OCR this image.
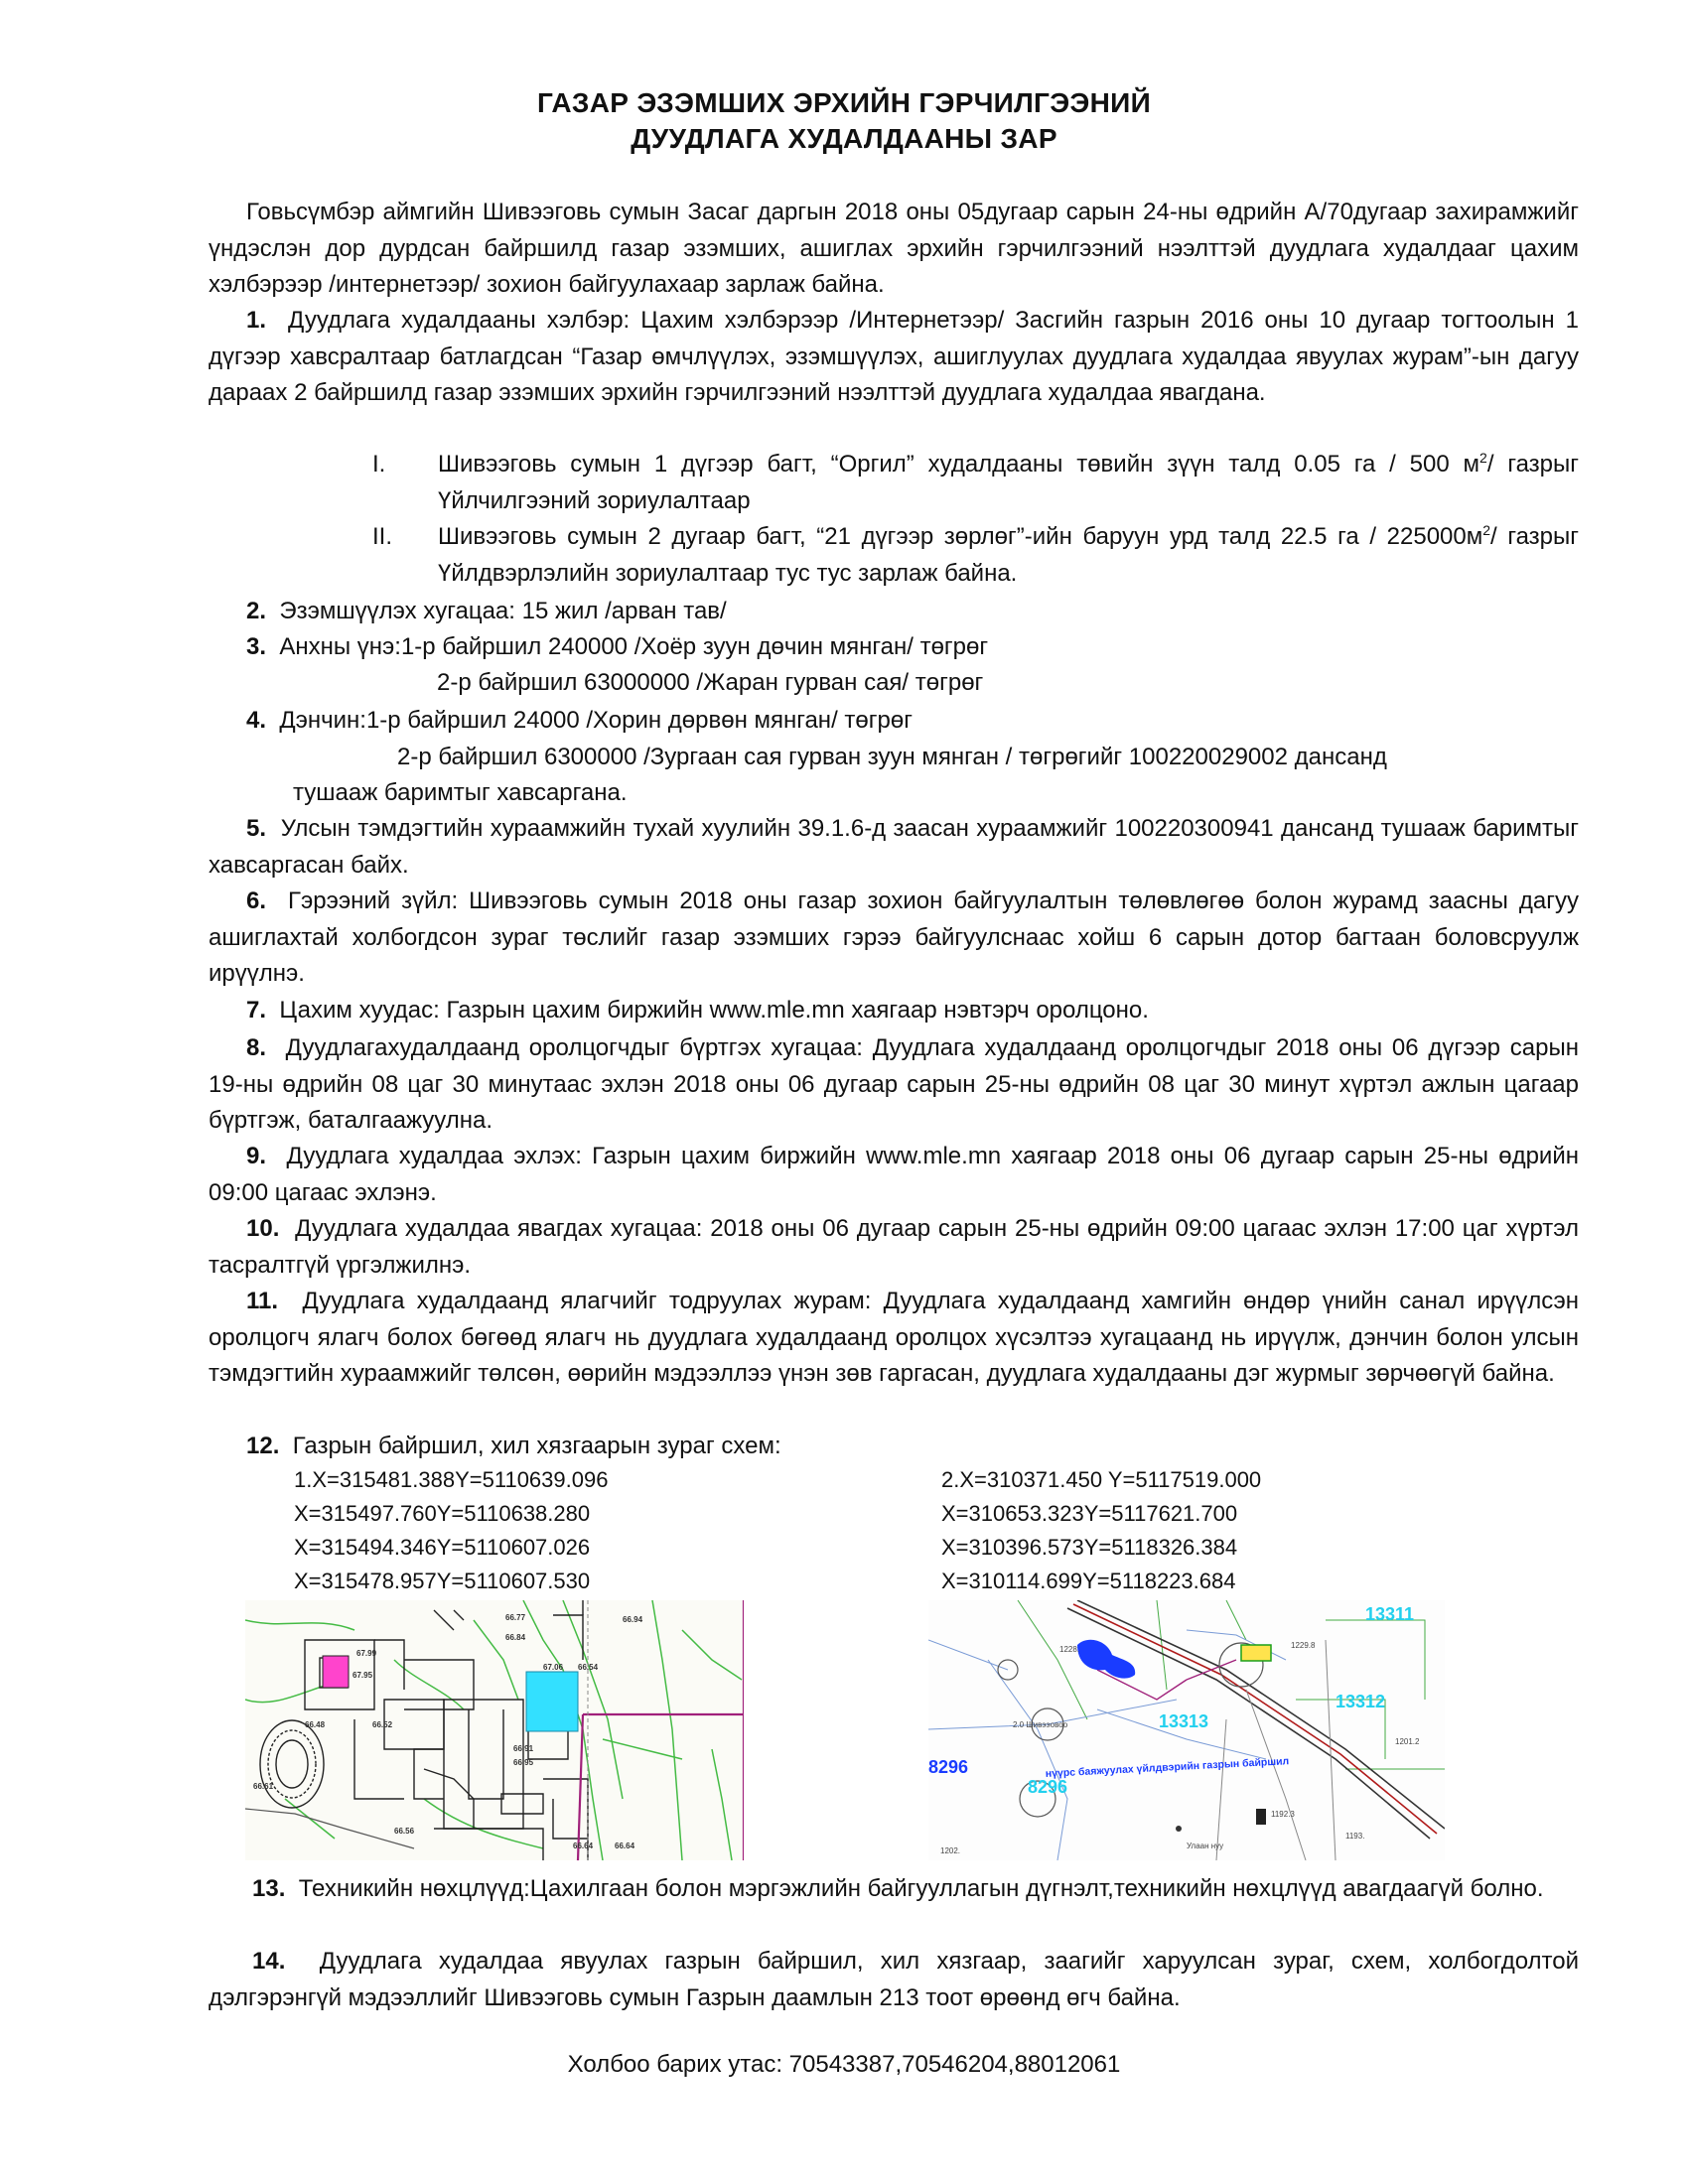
ГАЗАР ЭЗЭМШИХ ЭРХИЙН ГЭРЧИЛГЭЭНИЙ
ДУУДЛАГА ХУДАЛДААНЫ ЗАР
Говьсүмбэр аймгийн Шивээговь сумын Засаг даргын 2018 оны 05дугаар сарын 24-ны өдрийн А/70дугаар захирамжийг үндэслэн дор дурдсан байршилд газар эзэмших, ашиглах эрхийн гэрчилгээний нээлттэй дуудлага худалдааг цахим хэлбэрээр /интернетээр/ зохион байгуулахаар зарлаж байна.
1. Дуудлага худалдааны хэлбэр: Цахим хэлбэрээр /Интернетээр/ Засгийн газрын 2016 оны 10 дугаар тогтоолын 1 дүгээр хавсралтаар батлагдсан “Газар өмчлүүлэх, эзэмшүүлэх, ашиглуулах дуудлага худалдаа явуулах журам”-ын дагуу дараах 2 байршилд газар эзэмших эрхийн гэрчилгээний нээлттэй дуудлага худалдаа явагдана.
I.	Шивээговь сумын 1 дүгээр багт, “Оргил” худалдааны төвийн зүүн талд 0.05 га / 500 $м^2/$ газрыг Үйлчилгээний зориулалтаар
II.	Шивээговь сумын 2 дугаар багт, “21 дүгээр зөрлөг”-ийн баруун урд талд 22.5 га / $225000м^2/$ газрыг Үйлдвэрлэлийн зориулалтаар тус тус зарлаж байна.
2. Эзэмшүүлэх хугацаа: 15 жил /арван тав/
3. Анхны үнэ:1-р байршил 240000 /Хоёр зуун дөчин мянган/ төгрөг
2-р байршил 63000000 /Жаран гурван сая/ төгрөг
4. Дэнчин:1-р байршил 24000 /Хорин дөрвөн мянган/ төгрөг
2-р байршил 6300000 /Зургаан сая гурван зуун мянган / төгрөгийг 100220029002 дансанд
тушааж баримтыг хавсаргана.
5. Улсын тэмдэгтийн хураамжийн тухай хуулийн 39.1.6-д заасан хураамжийг 100220300941 дансанд тушааж баримтыг хавсаргасан байх.
6. Гэрээний зүйл: Шивээговь сумын 2018 оны газар зохион байгуулалтын төлөвлөгөө болон журамд заасны дагуу ашиглахтай холбогдсон зураг төслийг газар эзэмших гэрээ байгуулснаас хойш 6 сарын дотор багтаан боловсруулж ирүүлнэ.
7. Цахим хуудас: Газрын цахим биржийн www.mle.mn хаягаар нэвтэрч оролцоно.
8. Дуудлагахудалдаанд оролцогчдыг бүртгэх хугацаа: Дуудлага худалдаанд оролцогчдыг 2018 оны 06 дүгээр сарын 19-ны өдрийн 08 цаг 30 минутаас эхлэн 2018 оны 06 дугаар сарын 25-ны өдрийн 08 цаг 30 минут хүртэл ажлын цагаар бүртгэж, баталгаажуулна.
9. Дуудлага худалдаа эхлэх: Газрын цахим биржийн www.mle.mn хаягаар 2018 оны 06 дугаар сарын 25-ны өдрийн 09:00 цагаас эхлэнэ.
10. Дуудлага худалдаа явагдах хугацаа: 2018 оны 06 дугаар сарын 25-ны өдрийн 09:00 цагаас эхлэн 17:00 цаг хүртэл тасралтгүй үргэлжилнэ.
11. Дуудлага худалдаанд ялагчийг тодруулах журам: Дуудлага худалдаанд хамгийн өндөр үнийн санал ирүүлсэн оролцогч ялагч болох бөгөөд ялагч нь дуудлага худалдаанд оролцох хүсэлтээ хугацаанд нь ирүүлж, дэнчин болон улсын тэмдэгтийн хураамжийг төлсөн, өөрийн мэдээллээ үнэн зөв гаргасан, дуудлага худалдааны дэг журмыг зөрчөөгүй байна.
12. Газрын байршил, хил хязгаарын зураг схем:
1.X=315481.388Y=5110639.096
X=315497.760Y=5110638.280
X=315494.346Y=5110607.026
X=315478.957Y=5110607.530
2.X=310371.450 Y=5117519.000
X=310653.323Y=5117621.700
X=310396.573Y=5118326.384
X=310114.699Y=5118223.684
67.99
67.95
66.77
66.84
66.94
66.64
66.48	66.52
66.91
66.95
67.06
66.56
66.64
66.61
66.54
13311
13312
13313
8296
8296	нүүрс баяжуулах үйлдвэрийн газрын байршил
1229.8
1228.
1201.2
1192.3
1193.
1202.
2.0 Шивээовоо
Улаан нуу
13. Техникийн нөхцлүүд:Цахилгаан болон мэргэжлийн байгууллагын дүгнэлт,техникийн нөхцлүүд авагдаагүй болно.
14. Дуудлага худалдаа явуулах газрын байршил, хил хязгаар, заагийг харуулсан зураг, схем, холбогдолтой дэлгэрэнгүй мэдээллийг Шивээговь сумын Газрын даамлын 213 тоот өрөөнд өгч байна.
Холбоо барих утас: 70543387,70546204,88012061
